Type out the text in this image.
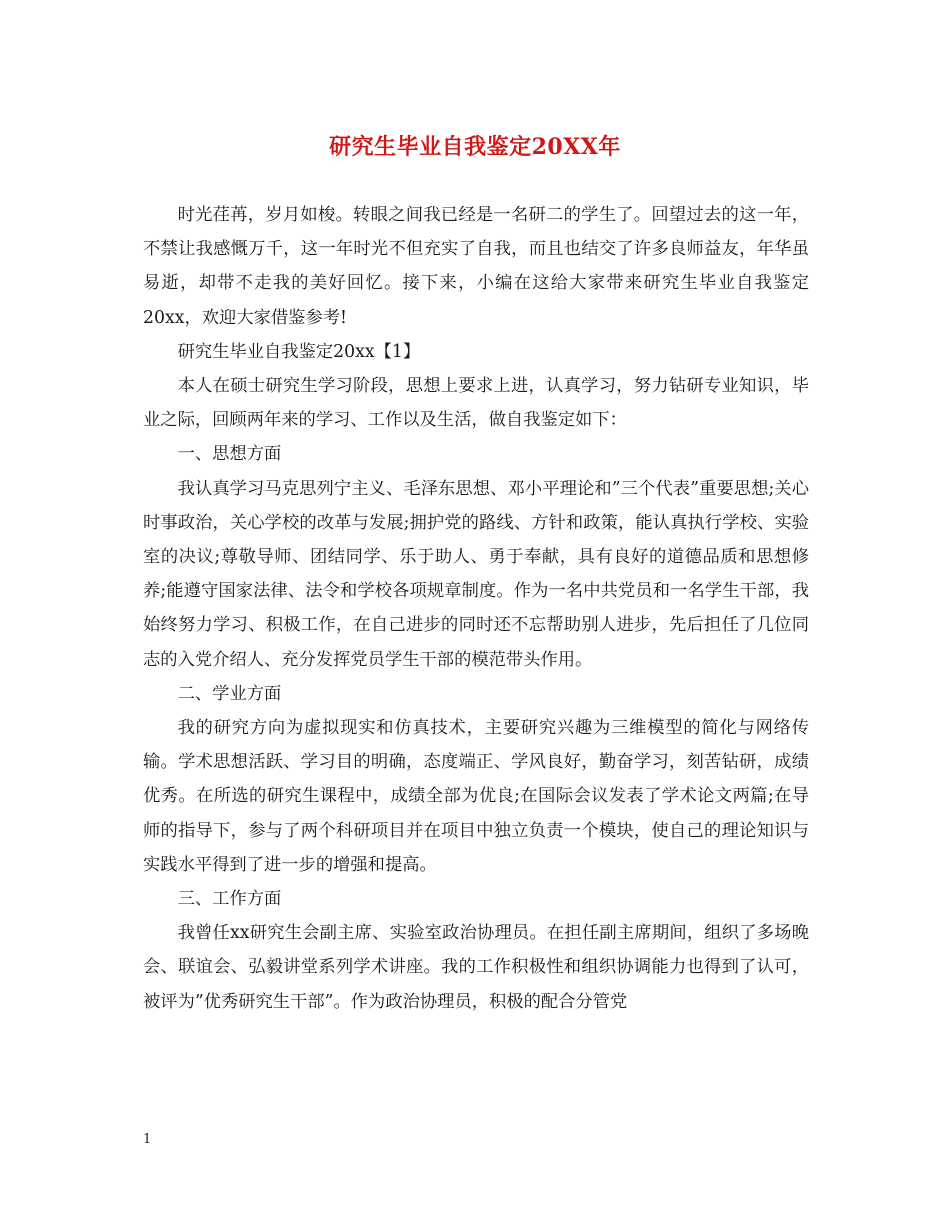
研究生毕业自我鉴定20XX年

时光荏苒，岁月如梭。转眼之间我已经是一名研二的学生了。回望过去的这一年，不禁让我感慨万千，这一年时光不但充实了自我，而且也结交了许多良师益友，年华虽易逝，却带不走我的美好回忆。接下来，小编在这给大家带来研究生毕业自我鉴定20xx，欢迎大家借鉴参考!

研究生毕业自我鉴定20xx【1】

本人在硕士研究生学习阶段，思想上要求上进，认真学习，努力钻研专业知识，毕业之际，回顾两年来的学习、工作以及生活，做自我鉴定如下：

一、思想方面

我认真学习马克思列宁主义、毛泽东思想、邓小平理论和”三个代表”重要思想;关心时事政治，关心学校的改革与发展;拥护党的路线、方针和政策，能认真执行学校、实验室的决议;尊敬导师、团结同学、乐于助人、勇于奉献，具有良好的道德品质和思想修养;能遵守国家法律、法令和学校各项规章制度。作为一名中共党员和一名学生干部，我始终努力学习、积极工作，在自己进步的同时还不忘帮助别人进步，先后担任了几位同志的入党介绍人、充分发挥党员学生干部的模范带头作用。

二、学业方面

我的研究方向为虚拟现实和仿真技术，主要研究兴趣为三维模型的简化与网络传输。学术思想活跃、学习目的明确，态度端正、学风良好，勤奋学习，刻苦钻研，成绩优秀。在所选的研究生课程中，成绩全部为优良;在国际会议发表了学术论文两篇;在导师的指导下，参与了两个科研项目并在项目中独立负责一个模块，使自己的理论知识与实践水平得到了进一步的增强和提高。

三、工作方面

我曾任xx研究生会副主席、实验室政治协理员。在担任副主席期间，组织了多场晚会、联谊会、弘毅讲堂系列学术讲座。我的工作积极性和组织协调能力也得到了认可，被评为”优秀研究生干部”。作为政治协理员，积极的配合分管党

1
